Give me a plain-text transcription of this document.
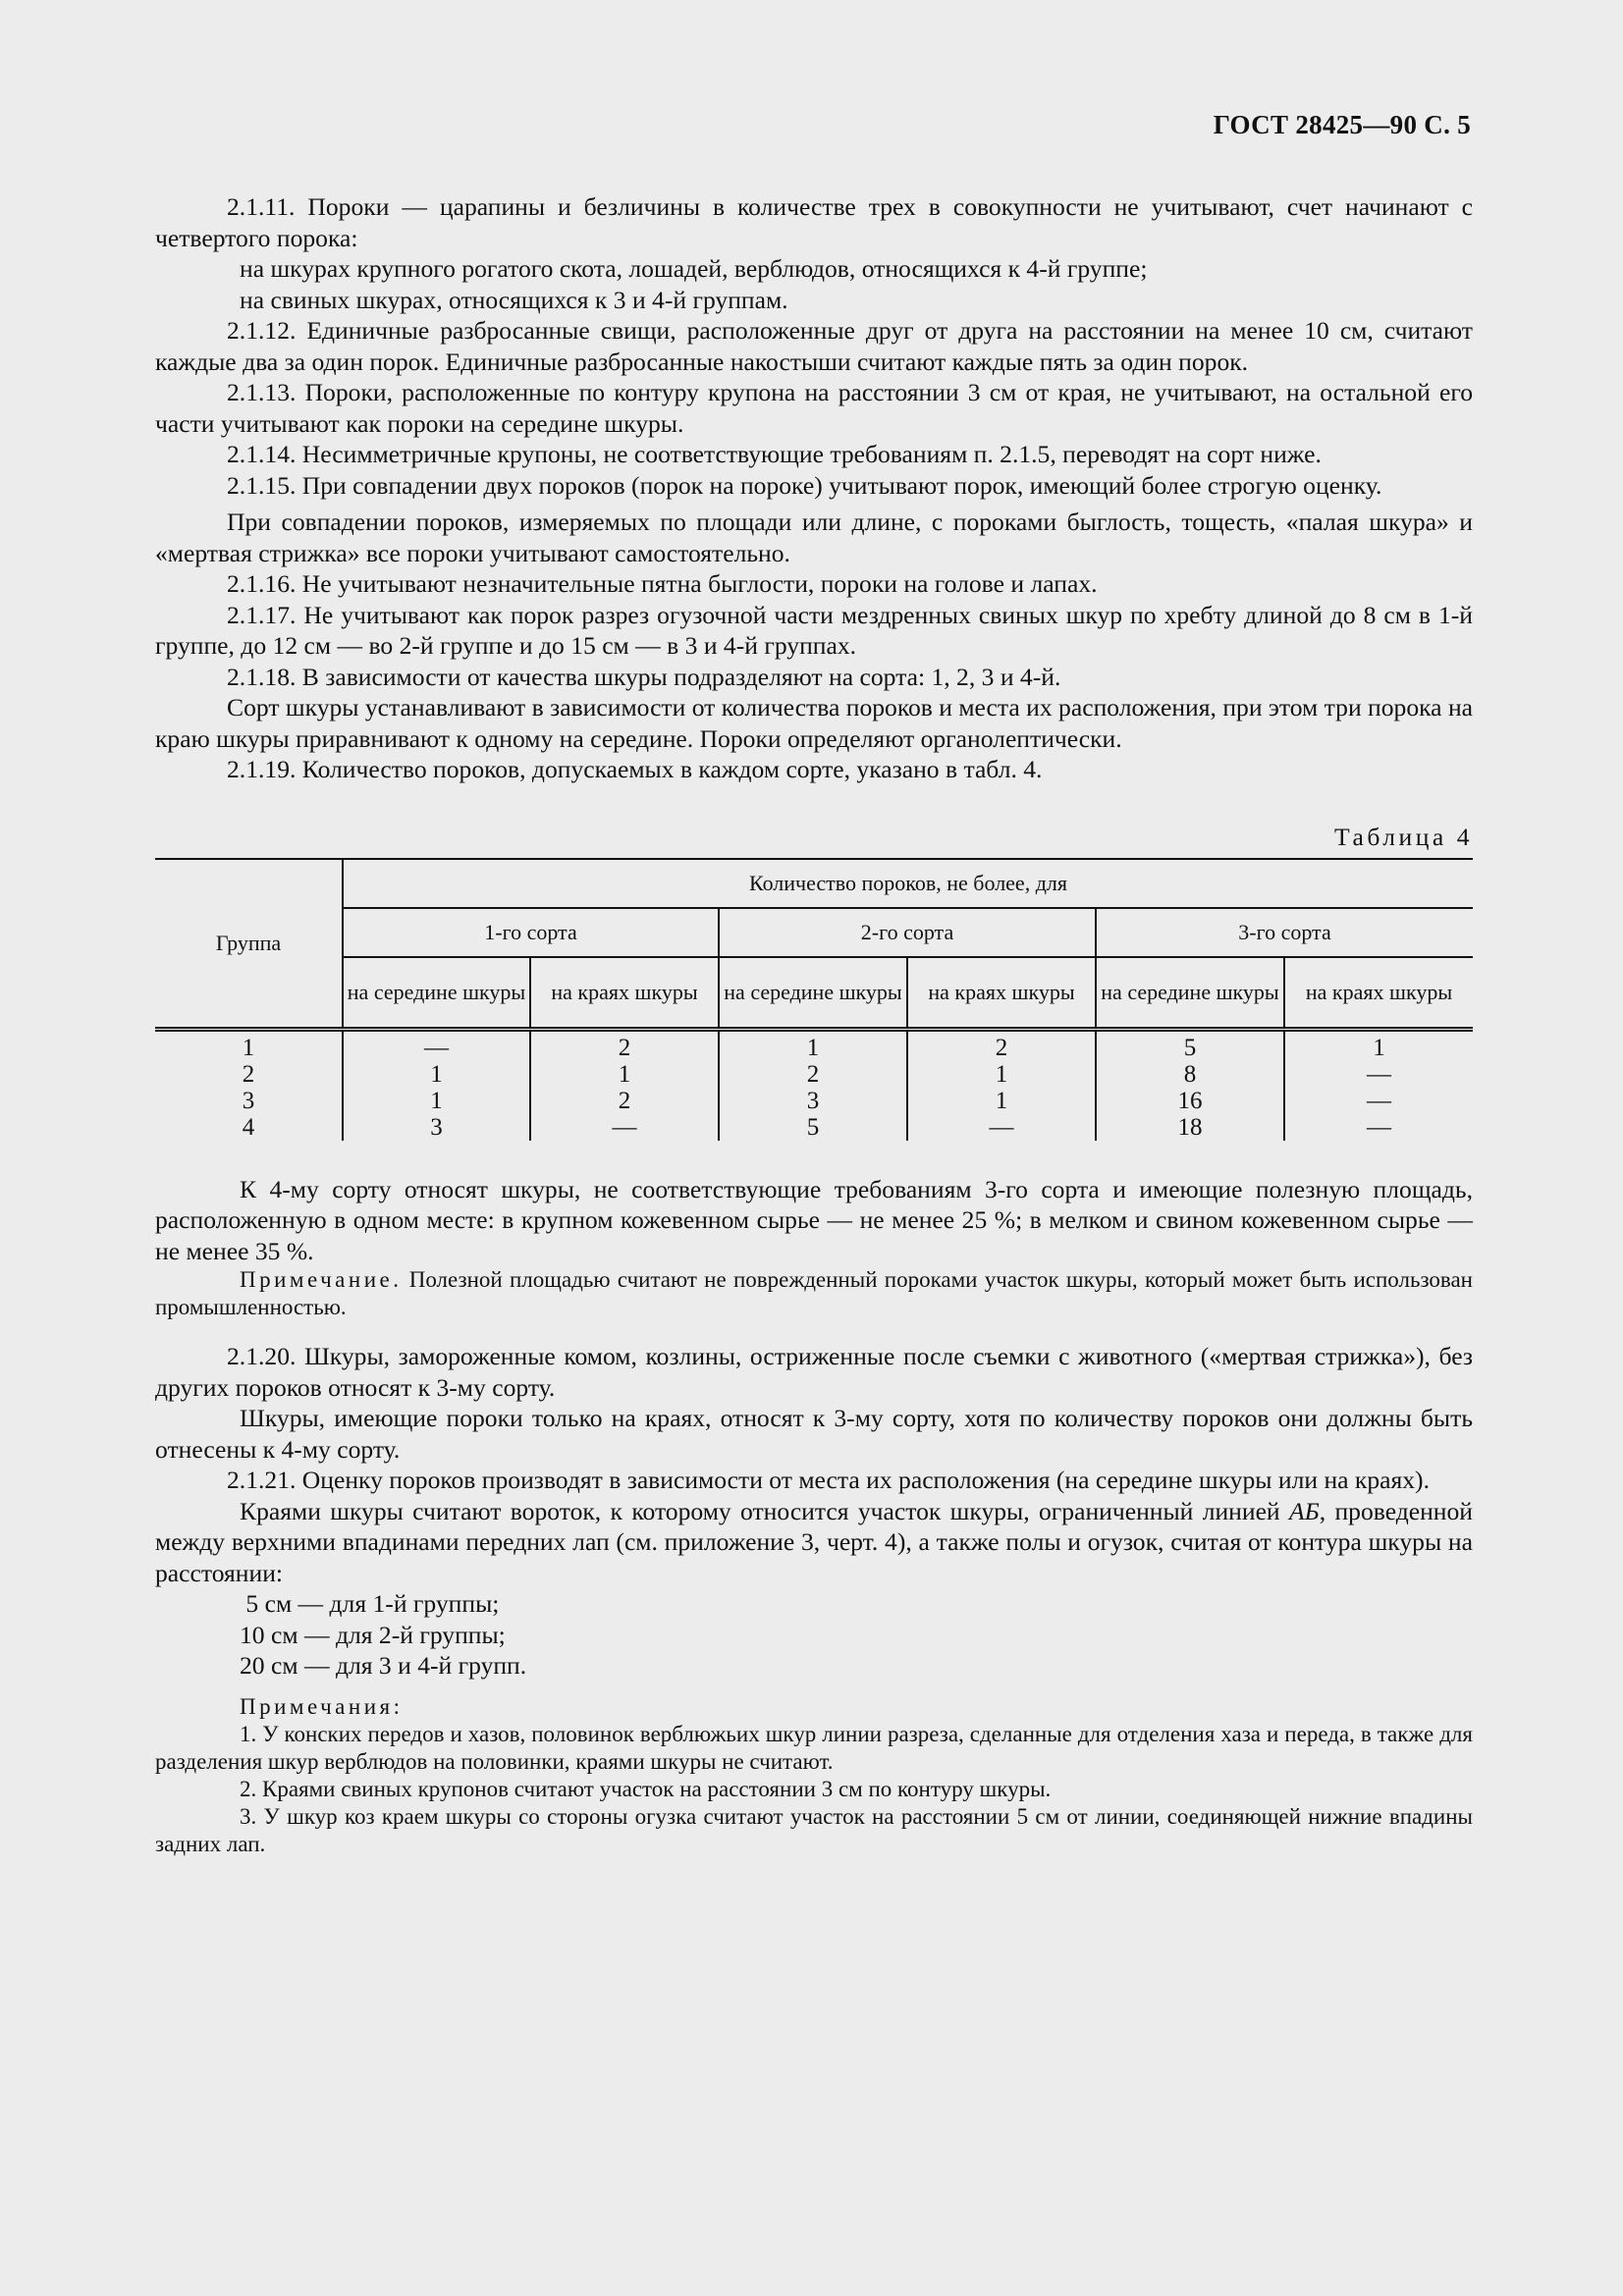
ГОСТ 28425—90 С. 5

2.1.11. Пороки — царапины и безличины в количестве трех в совокупности не учитывают, счет начинают с четвертого порока:

на шкурах крупного рогатого скота, лошадей, верблюдов, относящихся к 4-й группе;

на свиных шкурах, относящихся к 3 и 4-й группам.

2.1.12. Единичные разбросанные свищи, расположенные друг от друга на расстоянии на менее 10 см, считают каждые два за один порок. Единичные разбросанные накостыши считают каждые пять за один порок.

2.1.13. Пороки, расположенные по контуру крупона на расстоянии 3 см от края, не учитывают, на остальной его части учитывают как пороки на середине шкуры.

2.1.14. Несимметричные крупоны, не соответствующие требованиям п. 2.1.5, переводят на сорт ниже.

2.1.15. При совпадении двух пороков (порок на пороке) учитывают порок, имеющий более строгую оценку.

При совпадении пороков, измеряемых по площади или длине, с пороками быглость, тощесть, «палая шкура» и «мертвая стрижка» все пороки учитывают самостоятельно.

2.1.16. Не учитывают незначительные пятна быглости, пороки на голове и лапах.

2.1.17. Не учитывают как порок разрез огузочной части мездренных свиных шкур по хребту длиной до 8 см в 1-й группе, до 12 см — во 2-й группе и до 15 см — в 3 и 4-й группах.

2.1.18. В зависимости от качества шкуры подразделяют на сорта: 1, 2, 3 и 4-й.

Сорт шкуры устанавливают в зависимости от количества пороков и места их расположения, при этом три порока на краю шкуры приравнивают к одному на середине. Пороки определяют органолептически.

2.1.19. Количество пороков, допускаемых в каждом сорте, указано в табл. 4.

Таблица 4
Группа	Количество пороков, не более, для					
	1-го сорта		2-го сорта		3-го сорта	
	на середине шкуры	на краях шкуры	на середине шкуры	на краях шкуры	на середине шкуры	на краях шкуры
1	—	2	1	2	5	1
2	1	1	2	1	8	—
3	1	2	3	1	16	—
4	3	—	5	—	18	—

К 4-му сорту относят шкуры, не соответствующие требованиям 3-го сорта и имеющие полезную площадь, расположенную в одном месте: в крупном кожевенном сырье — не менее 25 %; в мелком и свином кожевенном сырье — не менее 35 %.

Примечание. Полезной площадью считают не поврежденный пороками участок шкуры, который может быть использован промышленностью.

2.1.20. Шкуры, замороженные комом, козлины, остриженные после съемки с животного («мертвая стрижка»), без других пороков относят к 3-му сорту.

Шкуры, имеющие пороки только на краях, относят к 3-му сорту, хотя по количеству пороков они должны быть отнесены к 4-му сорту.

2.1.21. Оценку пороков производят в зависимости от места их расположения (на середине шкуры или на краях).

Краями шкуры считают вороток, к которому относится участок шкуры, ограниченный линией АБ, проведенной между верхними впадинами передних лап (см. приложение 3, черт. 4), а также полы и огузок, считая от контура шкуры на расстоянии:

5 см — для 1-й группы;

10 см — для 2-й группы;

20 см — для 3 и 4-й групп.

Примечания:

1. У конских передов и хазов, половинок верблюжьих шкур линии разреза, сделанные для отделения хаза и переда, в также для разделения шкур верблюдов на половинки, краями шкуры не считают.

2. Краями свиных крупонов считают участок на расстоянии 3 см по контуру шкуры.

3. У шкур коз краем шкуры со стороны огузка считают участок на расстоянии 5 см от линии, соединяющей нижние впадины задних лап.
